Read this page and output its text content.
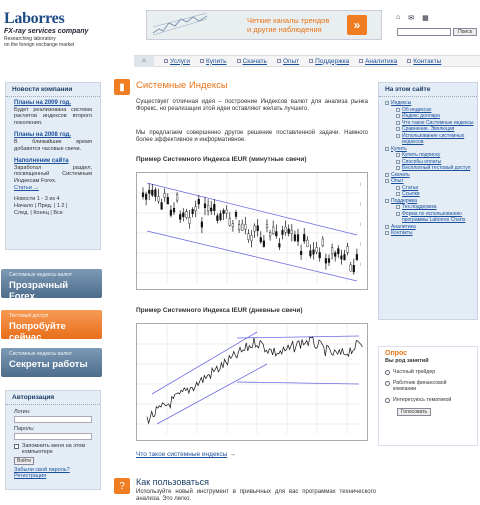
Laborres
FX-ray services company
Researching laboratory
on the foreign exchange market
Четкие каналы трендов
и другие наблюдения	»
⌂ ✉ ▦
Поиск
⌂	Услуги Купить Скачать Опыт Поддержка Аналитика Контакты
Новости компании
Планы на 2009 год.
Будет реализована система расчетов индексов второго поколения.
Планы на 2008 год.
В ближайшие время добавятся часовые свечи.
Наполнение сайта
Заработал раздел, посвященный Системным Индексам Forex.
Статьи →
Новости 1 - 3 из 4
Начало | Пред. | 1 2 |
След. | Конец | Все
Системные индексы валют
Прозрачный Forex
Тестовый доступ
Попробуйте сейчас
Системные индексы валют
Секреты работы
Авторизация
Логин:
Пароль:
Запомнить меня на этом компьютере
Войти
Забыли свой пароль?
Регистрация
▮	Системные Индексы
Существует отличная идея – построение Индексов валют для анализа рынка Форекс, но реализации этой идеи оставляют желать лучшего.
Мы предлагаем совершенно другое решение поставленной задачи. Намного более эффективное и информативное.
Пример Системного Индекса IEUR (минутные свечи)
|
|
|
|
|
Пример Системного Индекса IEUR (дневные свечи)
Что такое системные индексы →
?	Как пользоваться
Используйте новый инструмент в привычных для вас программах технического анализа. Это легко.
На этом сайте
Индексы
Об индексах
Индекс доллара
Что такое Системные индексы
Сравнение. Эволюция
Использование системных индексов
Купить
Купить подписку
Способы оплаты
Бесплатный тестовый доступ
Скачать
Опыт
Статьи
Ссылки
Поддержка
Тех.поддержка
Форма по использованию программы Laborres Charts
Аналитика
Контакты
Опрос
Вы род занятий
Частный трейдер
Работник финансовой компании
Интересуюсь тематикой
Голосовать
